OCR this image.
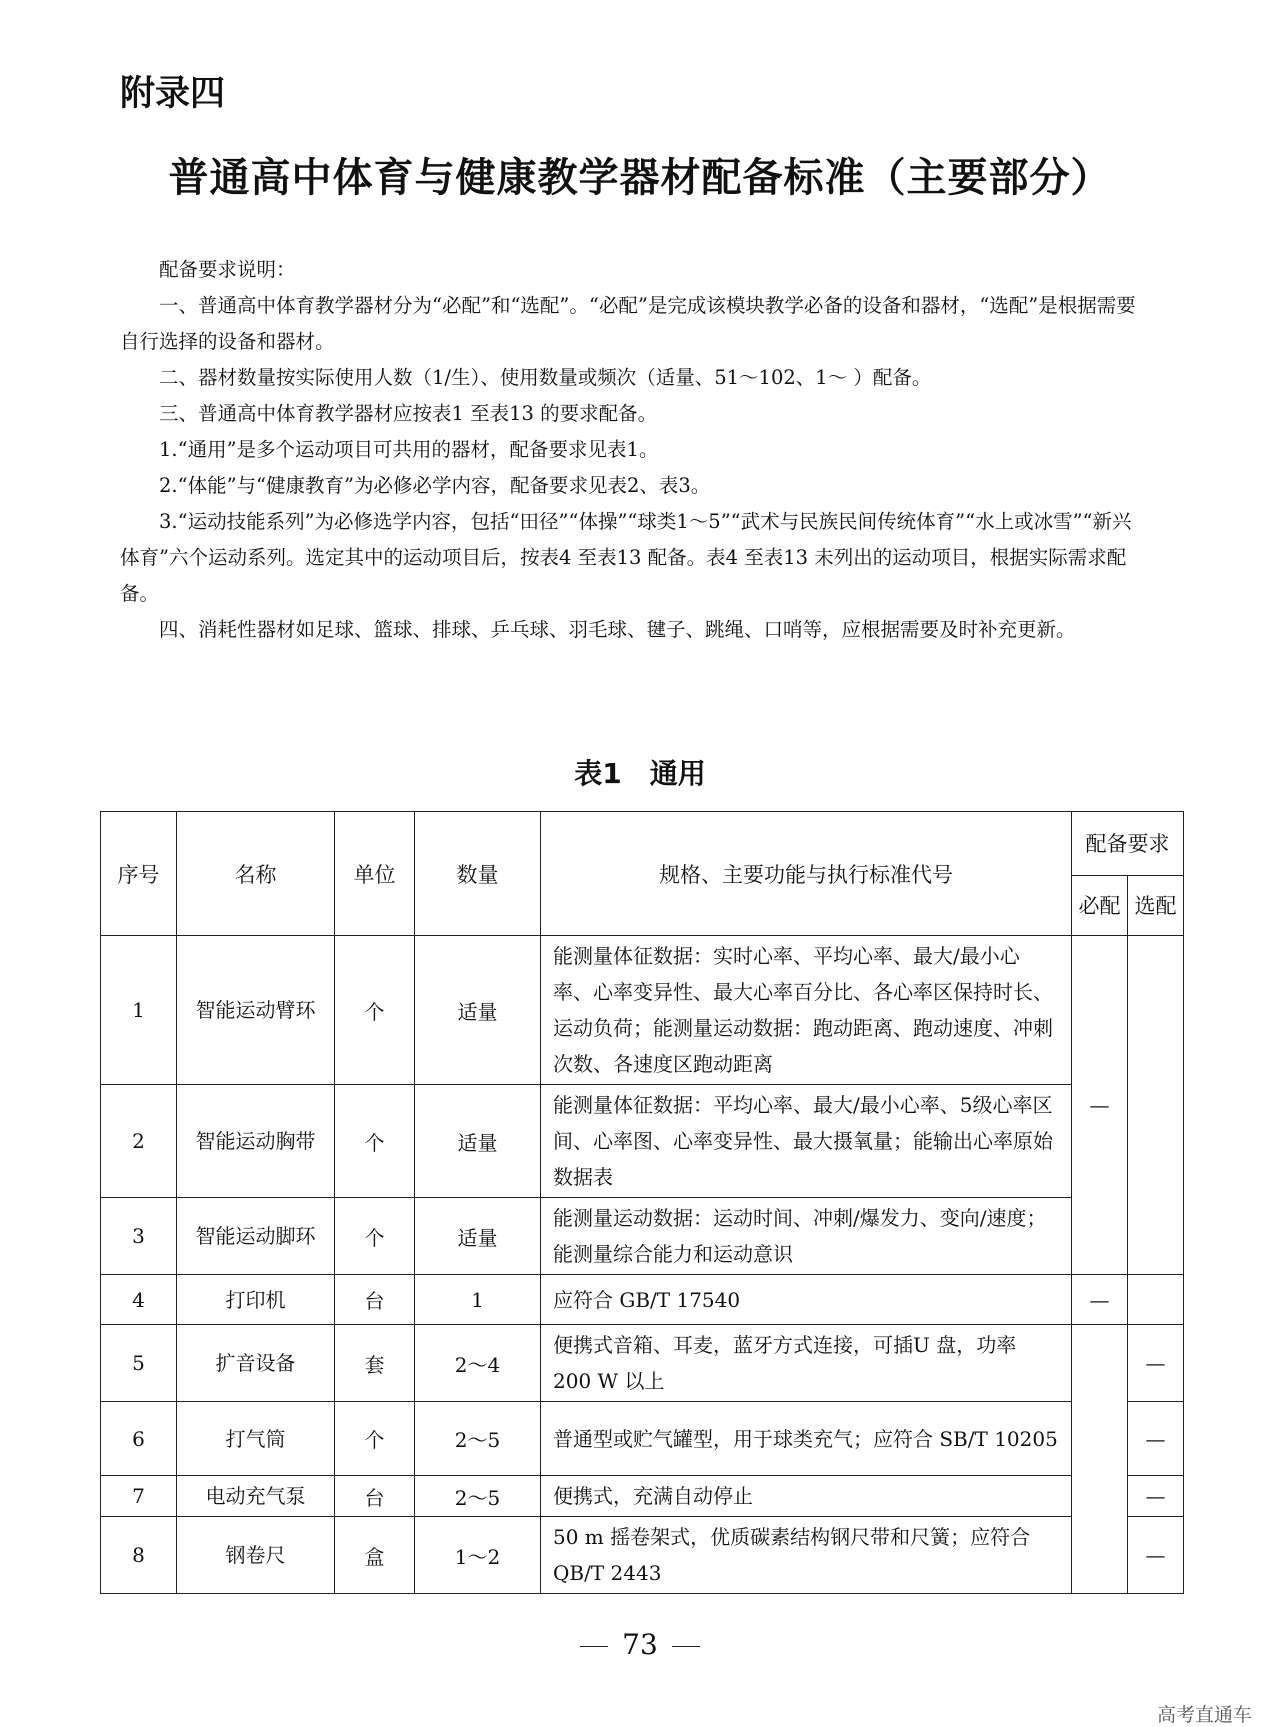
附录四
普通高中体育与健康教学器材配备标准（主要部分）

配备要求说明：

一、普通高中体育教学器材分为“必配”和“选配”。“必配”是完成该模块教学必备的设备和器材，“选配”是根据需要自行选择的设备和器材。

二、器材数量按实际使用人数（1/生）、使用数量或频次（适量、51～102、1～ ）配备。

三、普通高中体育教学器材应按表1 至表13 的要求配备。

1.“通用”是多个运动项目可共用的器材，配备要求见表1。

2.“体能”与“健康教育”为必修必学内容，配备要求见表2、表3。

3.“运动技能系列”为必修选学内容，包括“田径”“体操”“球类1～5”“武术与民族民间传统体育”“水上或冰雪”“新兴体育”六个运动系列。选定其中的运动项目后，按表4 至表13 配备。表4 至表13 未列出的运动项目，根据实际需求配备。

四、消耗性器材如足球、篮球、排球、乒乓球、羽毛球、毽子、跳绳、口哨等，应根据需要及时补充更新。

表1 通用
序号	名称	单位	数量	规格、主要功能与执行标准代号	配备要求	
					必配	选配
1	智能运动臂环	个	适量	能测量体征数据：实时心率、平均心率、最大/最小心率、心率变异性、最大心率百分比、各心率区保持时长、运动负荷；能测量运动数据：跑动距离、跑动速度、冲刺次数、各速度区跑动距离	—	
2	智能运动胸带	个	适量	能测量体征数据：平均心率、最大/最小心率、5级心率区间、心率图、心率变异性、最大摄氧量；能输出心率原始数据表		
3	智能运动脚环	个	适量	能测量运动数据：运动时间、冲刺/爆发力、变向/速度；能测量综合能力和运动意识		
4	打印机	台	1	应符合 GB/T 17540	—	
5	扩音设备	套	2～4	便携式音箱、耳麦，蓝牙方式连接，可插U 盘，功率 200 W 以上		—
6	打气筒	个	2～5	普通型或贮气罐型，用于球类充气；应符合 SB/T 10205		—
7	电动充气泵	台	2～5	便携式，充满自动停止		—
8	钢卷尺	盒	1～2	50 m 摇卷架式，优质碳素结构钢尺带和尺簧；应符合 QB/T 2443		—
73
高考直通车
